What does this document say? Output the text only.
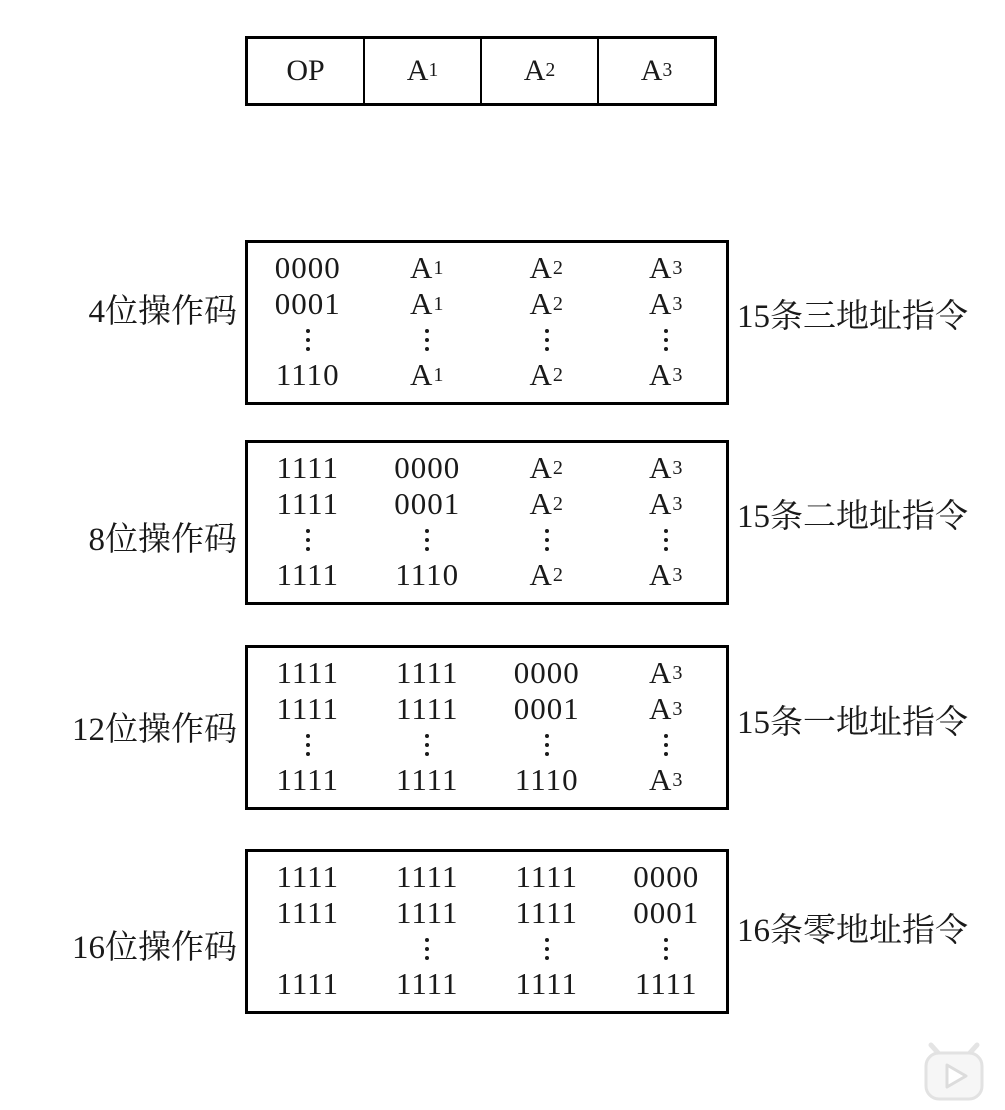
OP	A 1	A 2	A 3
4位操作码
0000	A 1	A 2	A 3
0001	A 1	A 2	A 3
1110	A 1	A 2	A 3
15条三地址指令
8位操作码
1111	0000	A 2	A 3
1111	0001	A 2	A 3
1111	1110	A 2	A 3
15条二地址指令
12位操作码
1111	1111	0000	A 3
1111	1111	0001	A 3
1111	1111	1110	A 3
15条一地址指令
16位操作码
1111	1111	1111	0000
1111	1111	1111	0001
1111	1111	1111	1111
16条零地址指令
